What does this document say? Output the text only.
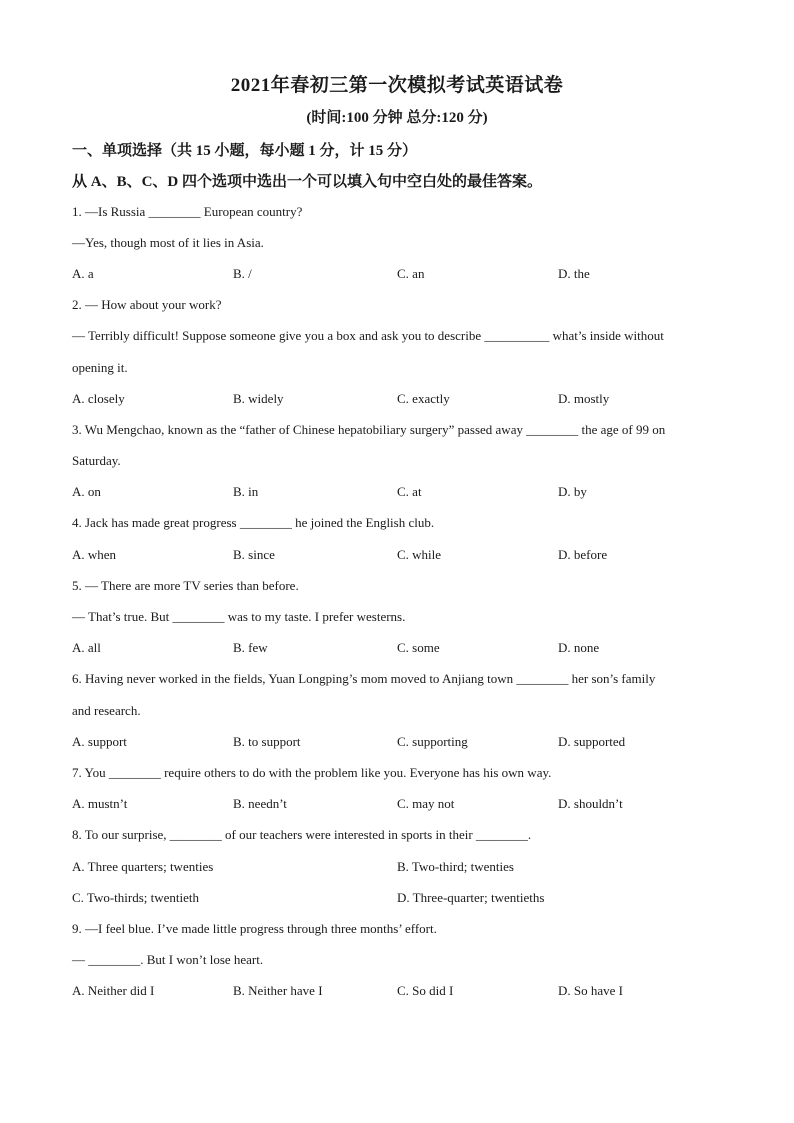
2021年春初三第一次模拟考试英语试卷
(时间:100 分钟 总分:120 分)
一、单项选择（共 15 小题，每小题 1 分，计 15 分）
从 A、B、C、D 四个选项中选出一个可以填入句中空白处的最佳答案。
1. —Is Russia ________ European country?
—Yes, though most of it lies in Asia.
A. a	B. /	C. an	D. the
2. — How about your work?
— Terribly difficult! Suppose someone give you a box and ask you to describe __________ what’s inside without
opening it.
A. closely	B. widely	C. exactly	D. mostly
3. Wu Mengchao, known as the “father of Chinese hepatobiliary surgery” passed away ________ the age of 99 on
Saturday.
A. on	B. in	C. at	D. by
4. Jack has made great progress ________ he joined the English club.
A. when	B. since	C. while	D. before
5. — There are more TV series than before.
— That’s true. But ________ was to my taste. I prefer westerns.
A. all	B. few	C. some	D. none
6. Having never worked in the fields, Yuan Longping’s mom moved to Anjiang town ________ her son’s family
and research.
A. support	B. to support	C. supporting	D. supported
7. You ________ require others to do with the problem like you. Everyone has his own way.
A. mustn’t	B. needn’t	C. may not	D. shouldn’t
8. To our surprise, ________ of our teachers were interested in sports in their ________.
A. Three quarters; twenties	B. Two-third; twenties
C. Two-thirds; twentieth	D. Three-quarter; twentieths
9. —I feel blue. I’ve made little progress through three months’ effort.
— ________. But I won’t lose heart.
A. Neither did I	B. Neither have I	C. So did I	D. So have I
